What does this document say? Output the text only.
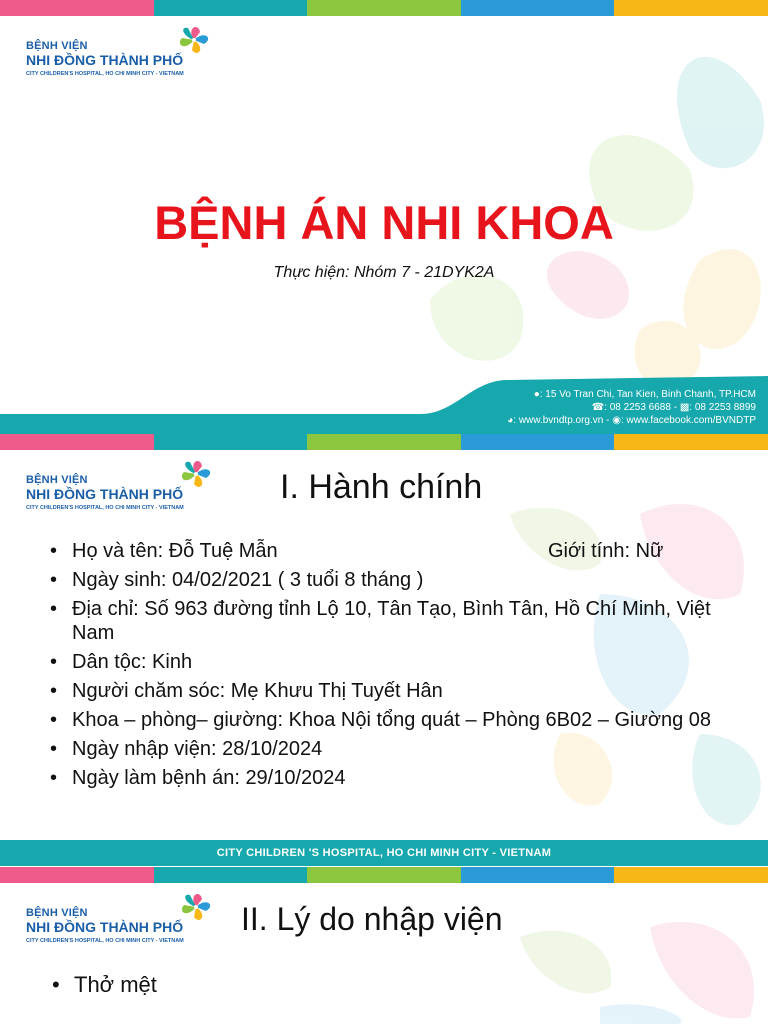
BỆNH VIỆN
NHI ĐỒNG THÀNH PHỐ
CITY CHILDREN'S HOSPITAL, HO CHI MINH CITY - VIETNAM
BỆNH ÁN NHI KHOA
Thực hiện: Nhóm 7 - 21DYK2A
●: 15 Vo Tran Chi, Tan Kien, Binh Chanh, TP.HCM
☎: 08 2253 6688 - ▩: 08 2253 8899
◕: www.bvndtp.org.vn - ◉: www.facebook.com/BVNDTP
BỆNH VIỆN
NHI ĐỒNG THÀNH PHỐ
CITY CHILDREN'S HOSPITAL, HO CHI MINH CITY - VIETNAM
I. Hành chính
• Họ và tên: Đỗ Tuệ Mẫn	Giới tính: Nữ
• Ngày sinh: 04/02/2021 ( 3 tuổi 8 tháng )
• Địa chỉ: Số 963 đường tỉnh Lộ 10, Tân Tạo, Bình Tân, Hồ Chí Minh, Việt Nam
• Dân tộc: Kinh
• Người chăm sóc: Mẹ Khưu Thị Tuyết Hân
• Khoa – phòng– giường: Khoa Nội tổng quát – Phòng 6B02 – Giường 08
• Ngày nhập viện: 28/10/2024
• Ngày làm bệnh án: 29/10/2024
CITY CHILDREN 'S HOSPITAL, HO CHI MINH CITY - VIETNAM
BỆNH VIỆN
NHI ĐỒNG THÀNH PHỐ
CITY CHILDREN'S HOSPITAL, HO CHI MINH CITY - VIETNAM
II. Lý do nhập viện
• Thở mệt
